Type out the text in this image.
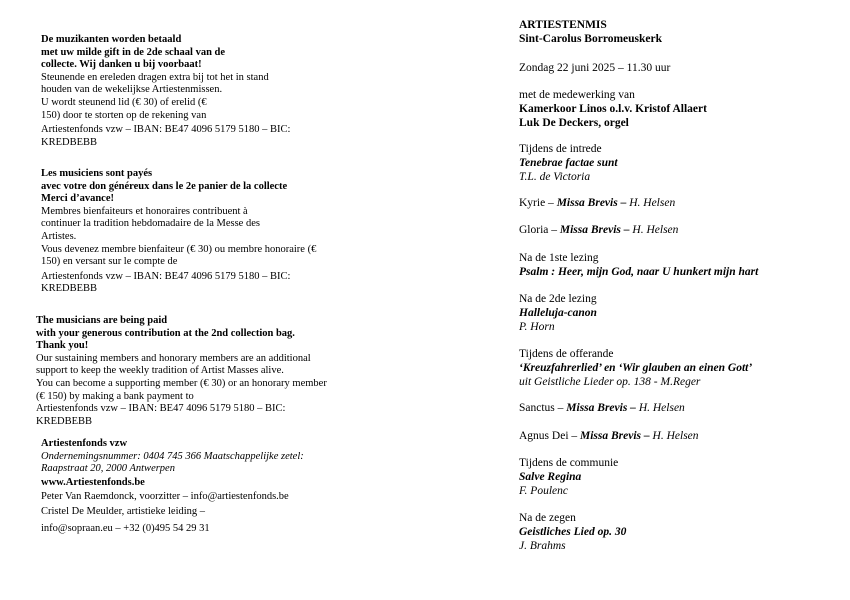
De muzikanten worden betaald
met uw milde gift in de 2de schaal van de
collecte. Wij danken u bij voorbaat!
Steunende en ereleden dragen extra bij tot het in stand
houden van de wekelijkse Artiestenmissen.
U wordt steunend lid (€ 30) of erelid (€
150) door te storten op de rekening van
Artiestenfonds vzw – IBAN: BE47 4096 5179 5180 – BIC:
KREDBEBB
Les musiciens sont payés
avec votre don généreux dans le 2e panier de la collecte
Merci d’avance!
Membres bienfaiteurs et honoraires contribuent à
continuer la tradition hebdomadaire de la Messe des
Artistes.
Vous devenez membre bienfaiteur (€ 30) ou membre honoraire (€
150) en versant sur le compte de
Artiestenfonds vzw – IBAN: BE47 4096 5179 5180 – BIC:
KREDBEBB
The musicians are being paid
with your generous contribution at the 2nd collection bag.
Thank you!
Our sustaining members and honorary members are an additional
support to keep the weekly tradition of Artist Masses alive.
You can become a supporting member (€ 30) or an honorary member
(€ 150) by making a bank payment to
Artiestenfonds vzw – IBAN: BE47 4096 5179 5180 – BIC:
KREDBEBB
Artiestenfonds vzw
Ondernemingsnummer: 0404 745 366 Maatschappelijke zetel:
Raapstraat 20, 2000 Antwerpen
www.Artiestenfonds.be
Peter Van Raemdonck, voorzitter – info@artiestenfonds.be
Cristel De Meulder, artistieke leiding –
info@sopraan.eu – +32 (0)495 54 29 31
ARTIESTENMIS
Sint-Carolus Borromeuskerk
Zondag 22 juni 2025 – 11.30 uur
met de medewerking van
Kamerkoor Linos o.l.v. Kristof Allaert
Luk De Deckers, orgel
Tijdens de intrede
Tenebrae factae sunt
T.L. de Victoria
Kyrie – Missa Brevis – H. Helsen
Gloria – Missa Brevis – H. Helsen
Na de 1ste lezing
Psalm : Heer, mijn God, naar U hunkert mijn hart
Na de 2de lezing
Halleluja-canon
P. Horn
Tijdens de offerande
‘Kreuzfahrerlied’ en ‘Wir glauben an einen Gott’
uit Geistliche Lieder op. 138 - M.Reger
Sanctus – Missa Brevis – H. Helsen
Agnus Dei – Missa Brevis – H. Helsen
Tijdens de communie
Salve Regina
F. Poulenc
Na de zegen
Geistliches Lied op. 30
J. Brahms
